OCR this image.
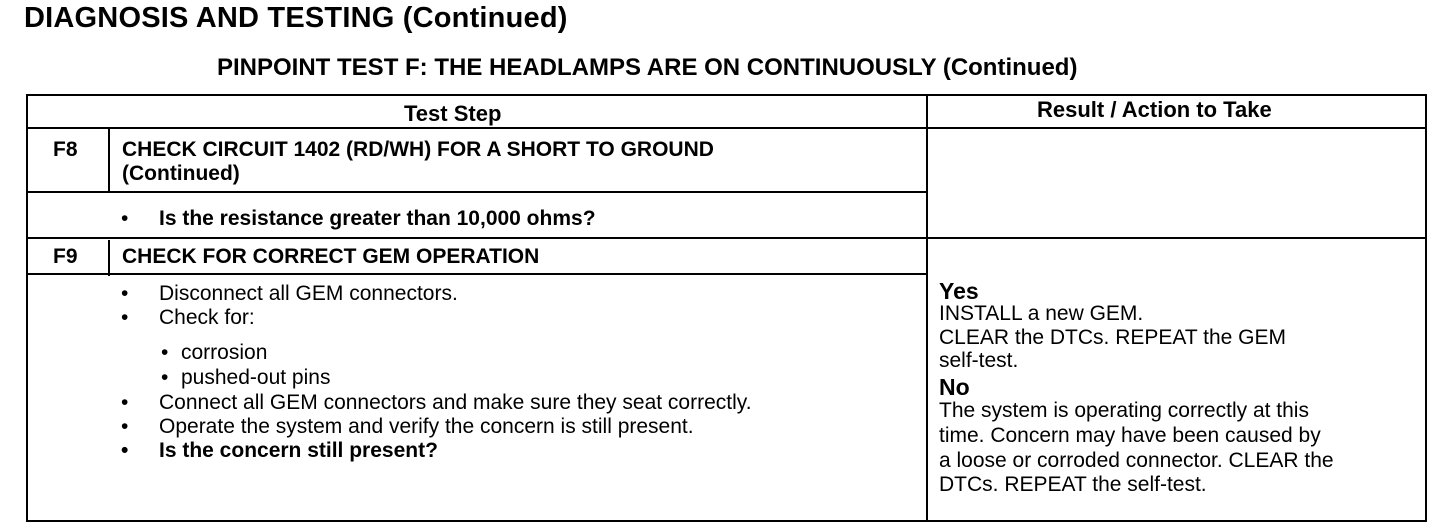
DIAGNOSIS AND TESTING (Continued)
PINPOINT TEST F: THE HEADLAMPS ARE ON CONTINUOUSLY (Continued)
Test Step	Result / Action to Take
F8 CHECK CIRCUIT 1402 (RD/WH) FOR A SHORT TO GROUND
(Continued)
• Is the resistance greater than 10,000 ohms?
F9 CHECK FOR CORRECT GEM OPERATION
• Disconnect all GEM connectors.
• Check for:
• corrosion
• pushed-out pins
• Connect all GEM connectors and make sure they seat correctly.
• Operate the system and verify the concern is still present.
• Is the concern still present?
Yes
INSTALL a new GEM.
CLEAR the DTCs. REPEAT the GEM
self-test.
No
The system is operating correctly at this
time. Concern may have been caused by
a loose or corroded connector. CLEAR the
DTCs. REPEAT the self-test.
